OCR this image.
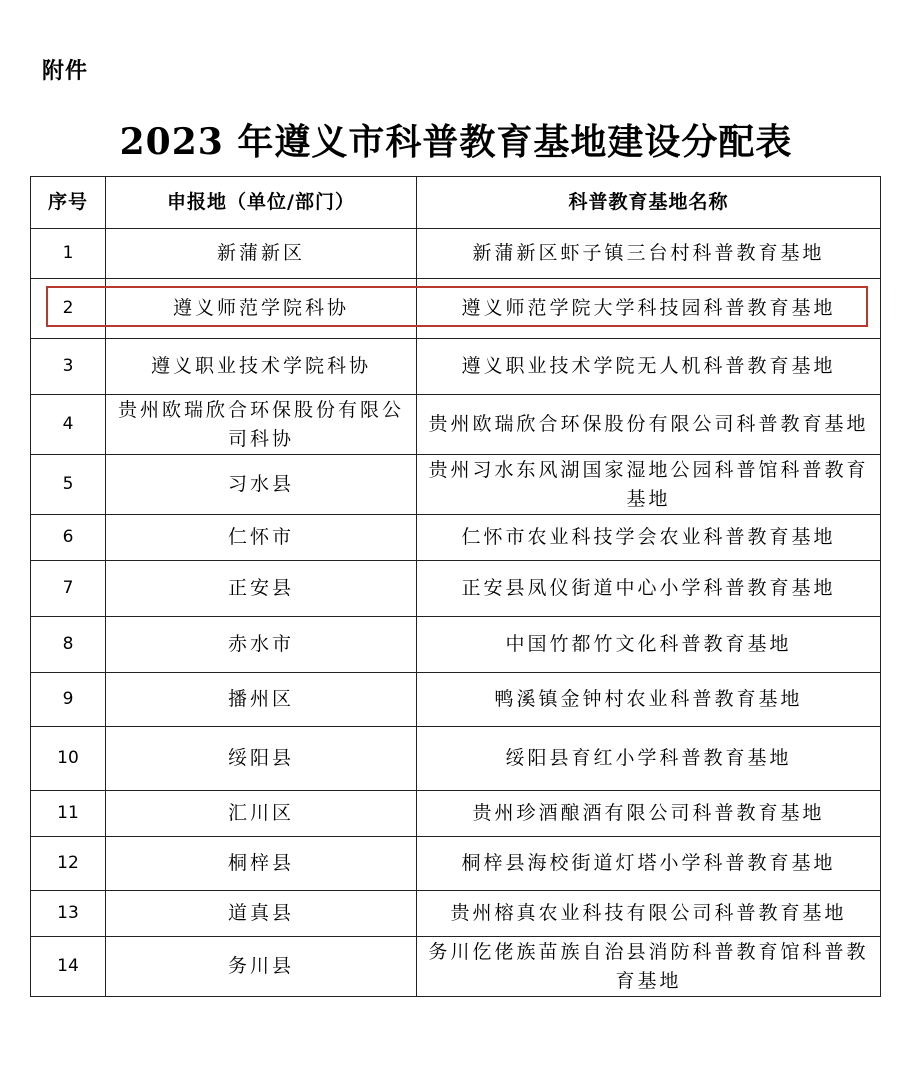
附件
2023 年遵义市科普教育基地建设分配表
序号	申报地（单位/部门）	科普教育基地名称
1	新蒲新区	新蒲新区虾子镇三台村科普教育基地
2	遵义师范学院科协	遵义师范学院大学科技园科普教育基地
3	遵义职业技术学院科协	遵义职业技术学院无人机科普教育基地
4	贵州欧瑞欣合环保股份有限公司科协	贵州欧瑞欣合环保股份有限公司科普教育基地
5	习水县	贵州习水东风湖国家湿地公园科普馆科普教育基地
6	仁怀市	仁怀市农业科技学会农业科普教育基地
7	正安县	正安县凤仪街道中心小学科普教育基地
8	赤水市	中国竹都竹文化科普教育基地
9	播州区	鸭溪镇金钟村农业科普教育基地
10	绥阳县	绥阳县育红小学科普教育基地
11	汇川区	贵州珍酒酿酒有限公司科普教育基地
12	桐梓县	桐梓县海校街道灯塔小学科普教育基地
13	道真县	贵州榕真农业科技有限公司科普教育基地
14	务川县	务川仡佬族苗族自治县消防科普教育馆科普教育基地
